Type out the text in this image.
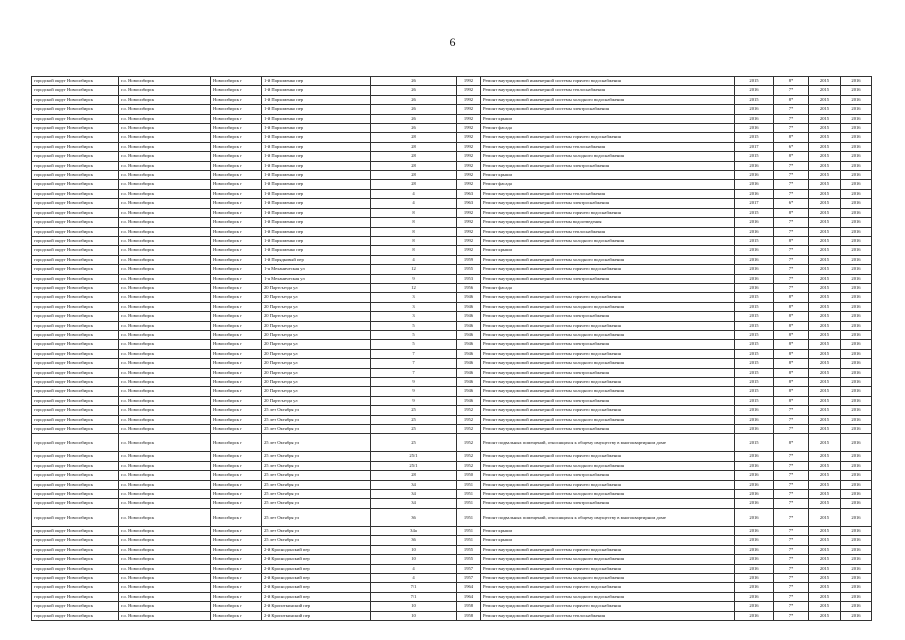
6
городской округ Новосибирск	г.о. Новосибирск	Новосибирск г	1-й Пархоменко пер	26	1992	Ремонт внутридомовой инженерной системы горячего водоснабжения	2015	8*	2015	2016
городской округ Новосибирск	г.о. Новосибирск	Новосибирск г	1-й Пархоменко пер	26	1992	Ремонт внутридомовой инженерной системы теплоснабжения	2016	7*	2015	2016
городской округ Новосибирск	г.о. Новосибирск	Новосибирск г	1-й Пархоменко пер	26	1992	Ремонт внутридомовой инженерной системы холодного водоснабжения	2015	8*	2015	2016
городской округ Новосибирск	г.о. Новосибирск	Новосибирск г	1-й Пархоменко пер	26	1992	Ремонт внутридомовой инженерной системы электроснабжения	2016	7*	2015	2016
городской округ Новосибирск	г.о. Новосибирск	Новосибирск г	1-й Пархоменко пер	26	1992	Ремонт крыши	2016	7*	2015	2016
городской округ Новосибирск	г.о. Новосибирск	Новосибирск г	1-й Пархоменко пер	26	1992	Ремонт фасада	2016	7*	2015	2016
городской округ Новосибирск	г.о. Новосибирск	Новосибирск г	1-й Пархоменко пер	28	1992	Ремонт внутридомовой инженерной системы горячего водоснабжения	2015	8*	2015	2016
городской округ Новосибирск	г.о. Новосибирск	Новосибирск г	1-й Пархоменко пер	28	1992	Ремонт внутридомовой инженерной системы теплоснабжения	2017	6*	2015	2016
городской округ Новосибирск	г.о. Новосибирск	Новосибирск г	1-й Пархоменко пер	28	1992	Ремонт внутридомовой инженерной системы холодного водоснабжения	2015	8*	2015	2016
городской округ Новосибирск	г.о. Новосибирск	Новосибирск г	1-й Пархоменко пер	28	1992	Ремонт внутридомовой инженерной системы электроснабжения	2016	7*	2015	2016
городской округ Новосибирск	г.о. Новосибирск	Новосибирск г	1-й Пархоменко пер	28	1992	Ремонт крыши	2016	7*	2015	2016
городской округ Новосибирск	г.о. Новосибирск	Новосибирск г	1-й Пархоменко пер	28	1992	Ремонт фасада	2016	7*	2015	2016
городской округ Новосибирск	г.о. Новосибирск	Новосибирск г	1-й Пархоменко пер	4	1963	Ремонт внутридомовой инженерной системы теплоснабжения	2016	7*	2015	2016
городской округ Новосибирск	г.о. Новосибирск	Новосибирск г	1-й Пархоменко пер	4	1963	Ремонт внутридомовой инженерной системы электроснабжения	2017	6*	2015	2016
городской округ Новосибирск	г.о. Новосибирск	Новосибирск г	1-й Пархоменко пер	8	1992	Ремонт внутридомовой инженерной системы горячего водоснабжения	2015	8*	2015	2016
городской округ Новосибирск	г.о. Новосибирск	Новосибирск г	1-й Пархоменко пер	8	1992	Ремонт внутридомовой инженерной системы водоотведения	2016	7*	2015	2016
городской округ Новосибирск	г.о. Новосибирск	Новосибирск г	1-й Пархоменко пер	8	1992	Ремонт внутридомовой инженерной системы теплоснабжения	2016	7*	2015	2016
городской округ Новосибирск	г.о. Новосибирск	Новосибирск г	1-й Пархоменко пер	8	1992	Ремонт внутридомовой инженерной системы холодного водоснабжения	2015	8*	2015	2016
городской округ Новосибирск	г.о. Новосибирск	Новосибирск г	1-й Пархоменко пер	8	1992	Ремонт крыши	2016	7*	2015	2016
городской округ Новосибирск	г.о. Новосибирск	Новосибирск г	1-й Порядковый пер	4	1959	Ремонт внутридомовой инженерной системы холодного водоснабжения	2016	7*	2015	2016
городской округ Новосибирск	г.о. Новосибирск	Новосибирск г	1-я Механическая ул	12	1955	Ремонт внутридомовой инженерной системы горячего водоснабжения	2016	7*	2015	2016
городской округ Новосибирск	г.о. Новосибирск	Новосибирск г	1-я Механическая ул	9	1953	Ремонт внутридомовой инженерной системы электроснабжения	2016	7*	2015	2016
городской округ Новосибирск	г.о. Новосибирск	Новосибирск г	20 Партсъезда ул	12	1956	Ремонт фасада	2016	7*	2015	2016
городской округ Новосибирск	г.о. Новосибирск	Новосибирск г	20 Партсъезда ул	3	1946	Ремонт внутридомовой инженерной системы горячего водоснабжения	2015	8*	2015	2016
городской округ Новосибирск	г.о. Новосибирск	Новосибирск г	20 Партсъезда ул	3	1946	Ремонт внутридомовой инженерной системы холодного водоснабжения	2015	8*	2015	2016
городской округ Новосибирск	г.о. Новосибирск	Новосибирск г	20 Партсъезда ул	3	1946	Ремонт внутридомовой инженерной системы электроснабжения	2015	8*	2015	2016
городской округ Новосибирск	г.о. Новосибирск	Новосибирск г	20 Партсъезда ул	5	1946	Ремонт внутридомовой инженерной системы горячего водоснабжения	2015	8*	2015	2016
городской округ Новосибирск	г.о. Новосибирск	Новосибирск г	20 Партсъезда ул	5	1946	Ремонт внутридомовой инженерной системы холодного водоснабжения	2015	8*	2015	2016
городской округ Новосибирск	г.о. Новосибирск	Новосибирск г	20 Партсъезда ул	5	1946	Ремонт внутридомовой инженерной системы электроснабжения	2015	8*	2015	2016
городской округ Новосибирск	г.о. Новосибирск	Новосибирск г	20 Партсъезда ул	7	1946	Ремонт внутридомовой инженерной системы горячего водоснабжения	2015	8*	2015	2016
городской округ Новосибирск	г.о. Новосибирск	Новосибирск г	20 Партсъезда ул	7	1946	Ремонт внутридомовой инженерной системы холодного водоснабжения	2015	8*	2015	2016
городской округ Новосибирск	г.о. Новосибирск	Новосибирск г	20 Партсъезда ул	7	1946	Ремонт внутридомовой инженерной системы электроснабжения	2015	8*	2015	2016
городской округ Новосибирск	г.о. Новосибирск	Новосибирск г	20 Партсъезда ул	9	1946	Ремонт внутридомовой инженерной системы горячего водоснабжения	2015	8*	2015	2016
городской округ Новосибирск	г.о. Новосибирск	Новосибирск г	20 Партсъезда ул	9	1946	Ремонт внутридомовой инженерной системы холодного водоснабжения	2015	8*	2015	2016
городской округ Новосибирск	г.о. Новосибирск	Новосибирск г	20 Партсъезда ул	9	1946	Ремонт внутридомовой инженерной системы электроснабжения	2015	8*	2015	2016
городской округ Новосибирск	г.о. Новосибирск	Новосибирск г	25 лет Октября ул	25	1952	Ремонт внутридомовой инженерной системы горячего водоснабжения	2016	7*	2015	2016
городской округ Новосибирск	г.о. Новосибирск	Новосибирск г	25 лет Октября ул	25	1952	Ремонт внутридомовой инженерной системы холодного водоснабжения	2016	7*	2015	2016
городской округ Новосибирск	г.о. Новосибирск	Новосибирск г	25 лет Октября ул	25	1952	Ремонт внутридомовой инженерной системы электроснабжения	2016	7*	2015	2016
городской округ Новосибирск	г.о. Новосибирск	Новосибирск г	25 лет Октября ул	25	1952	Ремонт подвальных помещений, относящихся к общему имуществу в многоквартирном доме	2015	8*	2015	2016
городской округ Новосибирск	г.о. Новосибирск	Новосибирск г	25 лет Октября ул	25/1	1952	Ремонт внутридомовой инженерной системы горячего водоснабжения	2016	7*	2015	2016
городской округ Новосибирск	г.о. Новосибирск	Новосибирск г	25 лет Октября ул	25/1	1952	Ремонт внутридомовой инженерной системы холодного водоснабжения	2016	7*	2015	2016
городской округ Новосибирск	г.о. Новосибирск	Новосибирск г	25 лет Октября ул	28	1950	Ремонт внутридомовой инженерной системы электроснабжения	2016	7*	2015	2016
городской округ Новосибирск	г.о. Новосибирск	Новосибирск г	25 лет Октября ул	34	1951	Ремонт внутридомовой инженерной системы горячего водоснабжения	2016	7*	2015	2016
городской округ Новосибирск	г.о. Новосибирск	Новосибирск г	25 лет Октября ул	34	1951	Ремонт внутридомовой инженерной системы холодного водоснабжения	2016	7*	2015	2016
городской округ Новосибирск	г.о. Новосибирск	Новосибирск г	25 лет Октября ул	34	1951	Ремонт внутридомовой инженерной системы электроснабжения	2016	7*	2015	2016
городской округ Новосибирск	г.о. Новосибирск	Новосибирск г	25 лет Октября ул	36	1951	Ремонт подвальных помещений, относящихся к общему имуществу в многоквартирном доме	2016	7*	2015	2016
городской округ Новосибирск	г.о. Новосибирск	Новосибирск г	25 лет Октября ул	34а	1951	Ремонт крыши	2016	7*	2015	2016
городской округ Новосибирск	г.о. Новосибирск	Новосибирск г	25 лет Октября ул	36	1951	Ремонт крыши	2016	7*	2015	2016
городской округ Новосибирск	г.о. Новосибирск	Новосибирск г	2-й Краснодонский пер	10	1955	Ремонт внутридомовой инженерной системы горячего водоснабжения	2016	7*	2015	2016
городской округ Новосибирск	г.о. Новосибирск	Новосибирск г	2-й Краснодонский пер	10	1955	Ремонт внутридомовой инженерной системы холодного водоснабжения	2016	7*	2015	2016
городской округ Новосибирск	г.о. Новосибирск	Новосибирск г	2-й Краснодонский пер	4	1957	Ремонт внутридомовой инженерной системы горячего водоснабжения	2016	7*	2015	2016
городской округ Новосибирск	г.о. Новосибирск	Новосибирск г	2-й Краснодонский пер	4	1957	Ремонт внутридомовой инженерной системы холодного водоснабжения	2016	7*	2015	2016
городской округ Новосибирск	г.о. Новосибирск	Новосибирск г	2-й Краснодонский пер	7/1	1964	Ремонт внутридомовой инженерной системы горячего водоснабжения	2016	7*	2015	2016
городской округ Новосибирск	г.о. Новосибирск	Новосибирск г	2-й Краснодонский пер	7/1	1964	Ремонт внутридомовой инженерной системы холодного водоснабжения	2016	7*	2015	2016
городской округ Новосибирск	г.о. Новосибирск	Новосибирск г	2-й Кропоткинский пер	10	1958	Ремонт внутридомовой инженерной системы горячего водоснабжения	2016	7*	2015	2016
городской округ Новосибирск	г.о. Новосибирск	Новосибирск г	2-й Кропоткинский пер	10	1958	Ремонт внутридомовой инженерной системы теплоснабжения	2016	7*	2015	2016
